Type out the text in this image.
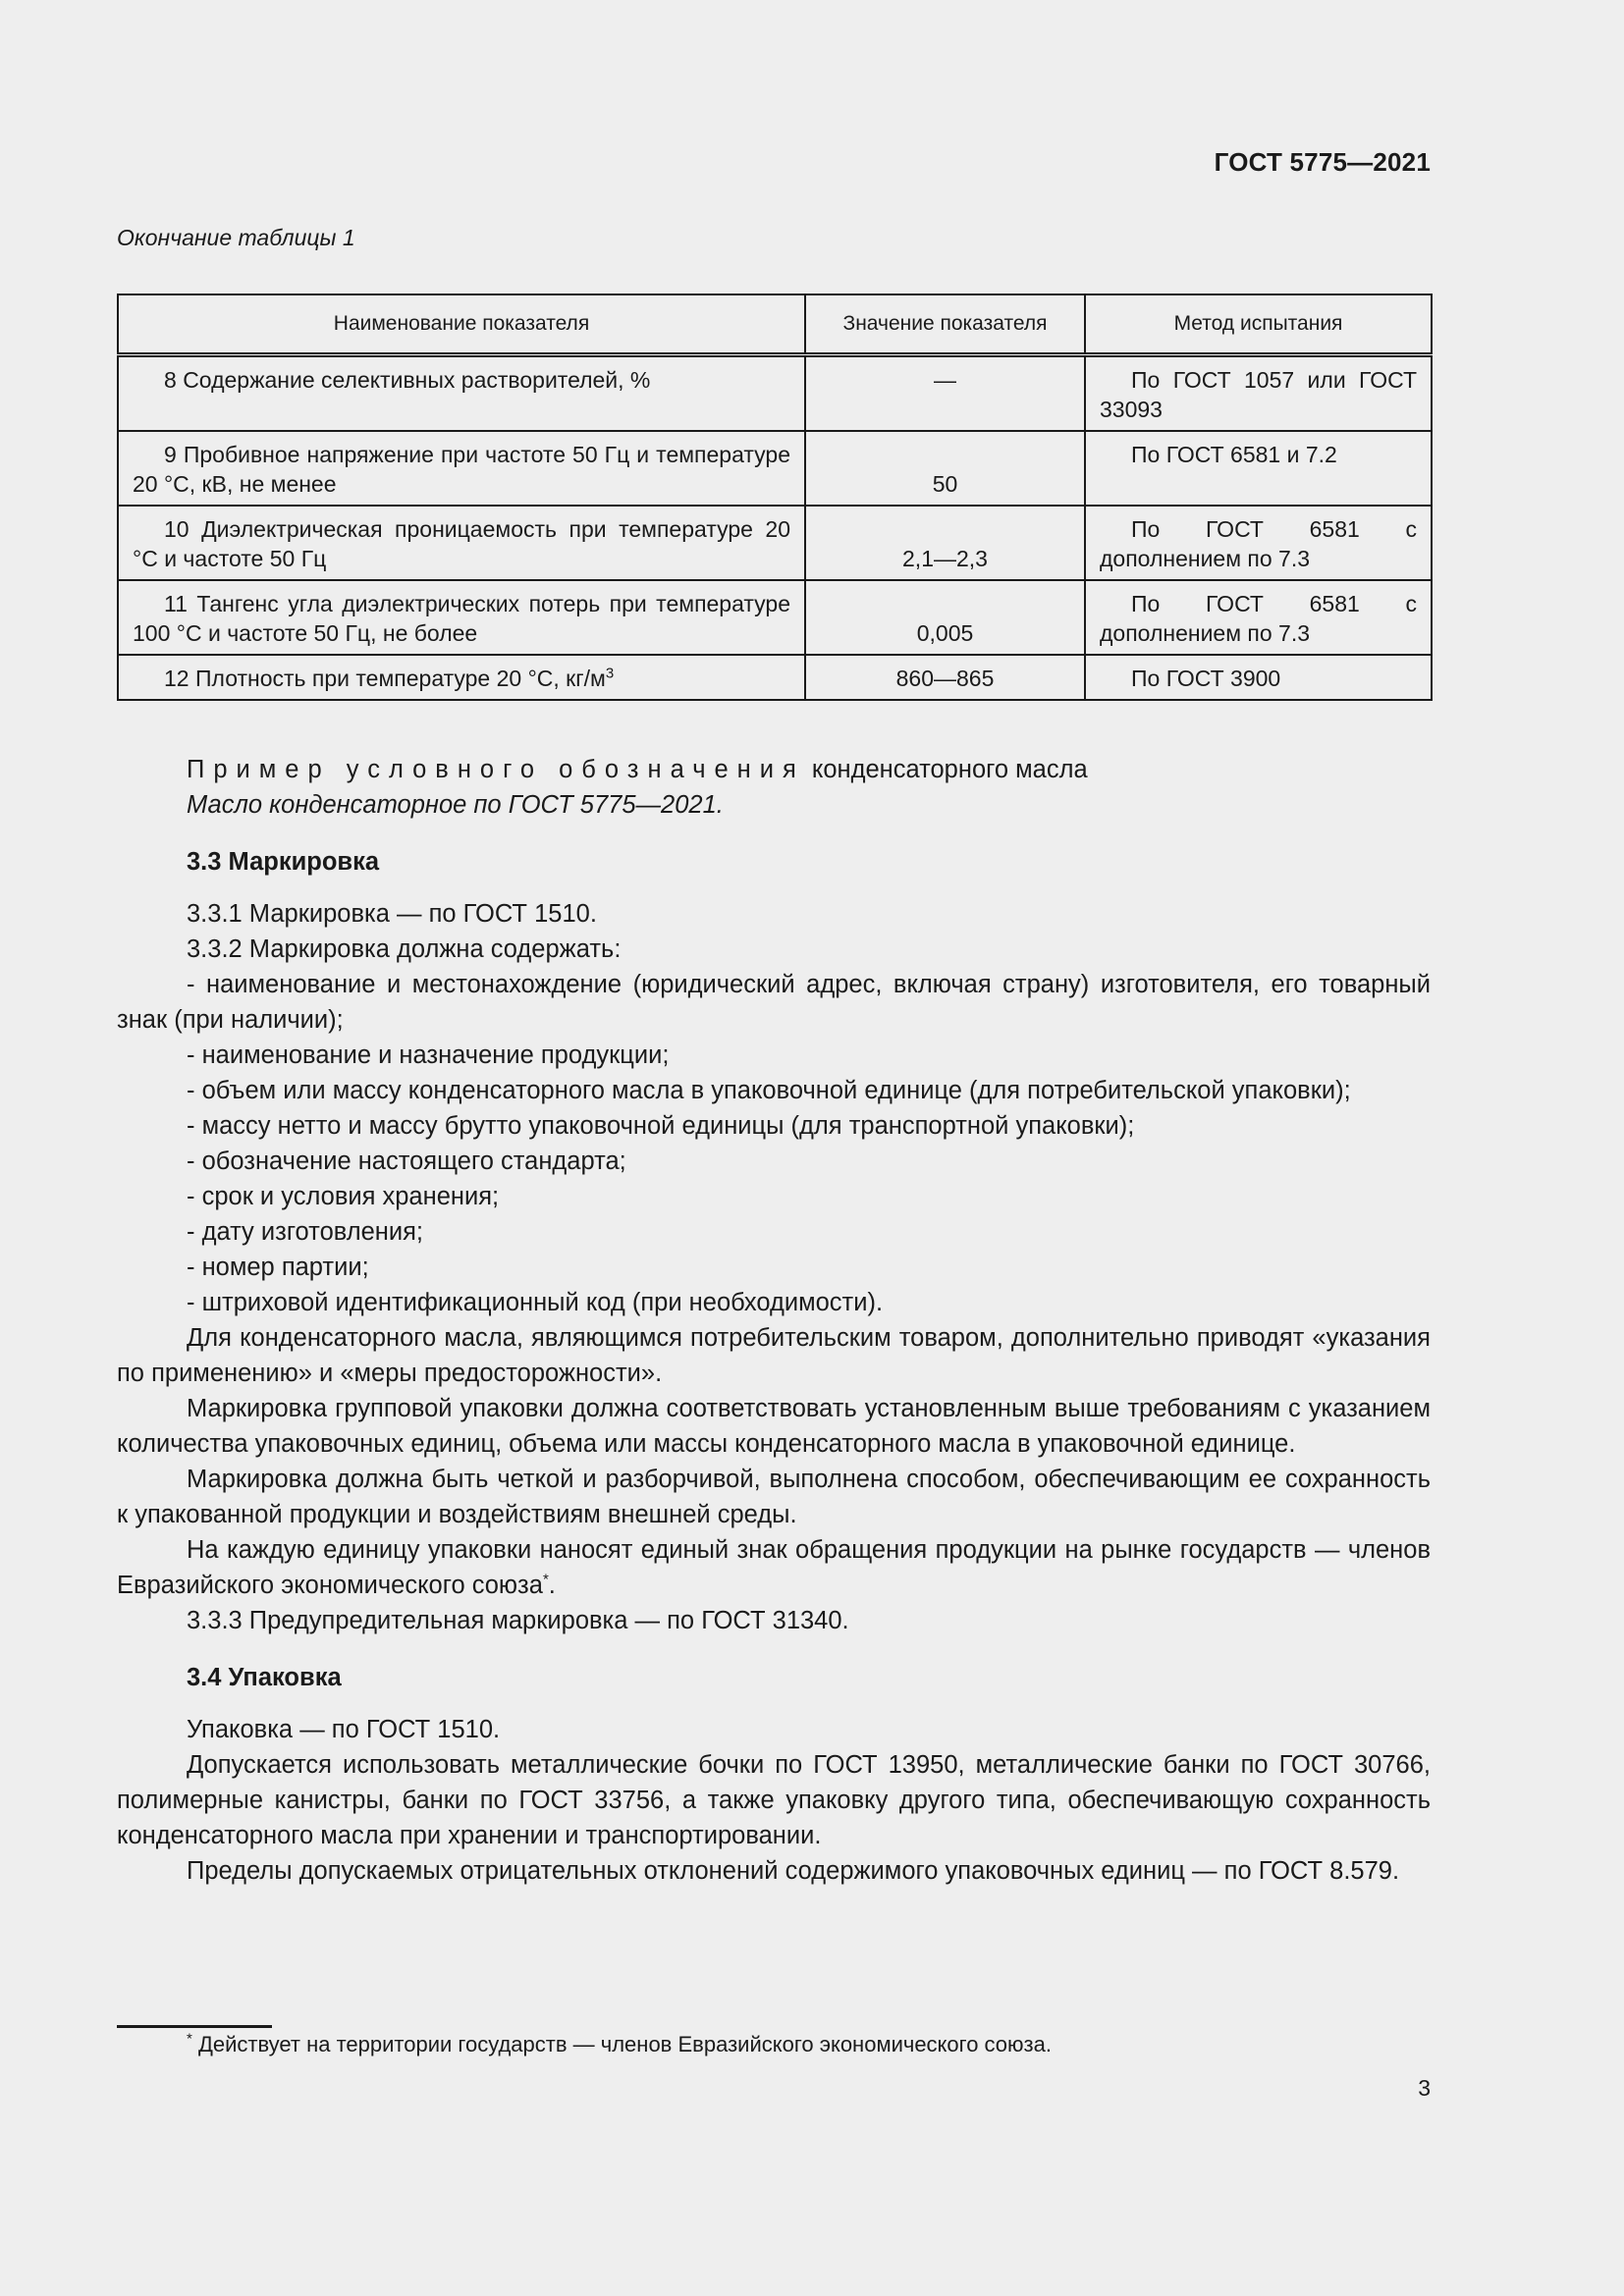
ГОСТ 5775—2021
Окончание таблицы 1
Наименование показателя	Значение показателя	Метод испытания
8 Содержание селективных растворителей, %	—	По ГОСТ 1057 или ГОСТ 33093
9 Пробивное напряжение при частоте 50 Гц и температуре 20 °С, кВ, не менее	50	По ГОСТ 6581 и 7.2
10 Диэлектрическая проницаемость при температуре 20 °С и частоте 50 Гц	2,1—2,3	По ГОСТ 6581 с дополнением по 7.3
11 Тангенс угла диэлектрических потерь при температуре 100 °С и частоте 50 Гц, не более	0,005	По ГОСТ 6581 с дополнением по 7.3
12 Плотность при температуре 20 °С, $кг/м^3$	860—865	По ГОСТ 3900

Пример условного обозначения конденсаторного масла

Масло конденсаторное по ГОСТ 5775—2021.

3.3 Маркировка

3.3.1 Маркировка — по ГОСТ 1510.

3.3.2 Маркировка должна содержать:

- наименование и местонахождение (юридический адрес, включая страну) изготовителя, его товарный знак (при наличии);

- наименование и назначение продукции;

- объем или массу конденсаторного масла в упаковочной единице (для потребительской упаковки);

- массу нетто и массу брутто упаковочной единицы (для транспортной упаковки);

- обозначение настоящего стандарта;

- срок и условия хранения;

- дату изготовления;

- номер партии;

- штриховой идентификационный код (при необходимости).

Для конденсаторного масла, являющимся потребительским товаром, дополнительно приводят «указания по применению» и «меры предосторожности».

Маркировка групповой упаковки должна соответствовать установленным выше требованиям с указанием количества упаковочных единиц, объема или массы конденсаторного масла в упаковочной единице.

Маркировка должна быть четкой и разборчивой, выполнена способом, обеспечивающим ее сохранность к упакованной продукции и воздействиям внешней среды.

На каждую единицу упаковки наносят единый знак обращения продукции на рынке государств — членов Евразийского экономического союза*.

3.3.3 Предупредительная маркировка — по ГОСТ 31340.

3.4 Упаковка

Упаковка — по ГОСТ 1510.

Допускается использовать металлические бочки по ГОСТ 13950, металлические банки по ГОСТ 30766, полимерные канистры, банки по ГОСТ 33756, а также упаковку другого типа, обеспечивающую сохранность конденсаторного масла при хранении и транспортировании.

Пределы допускаемых отрицательных отклонений содержимого упаковочных единиц — по ГОСТ 8.579.

* Действует на территории государств — членов Евразийского экономического союза.
3
